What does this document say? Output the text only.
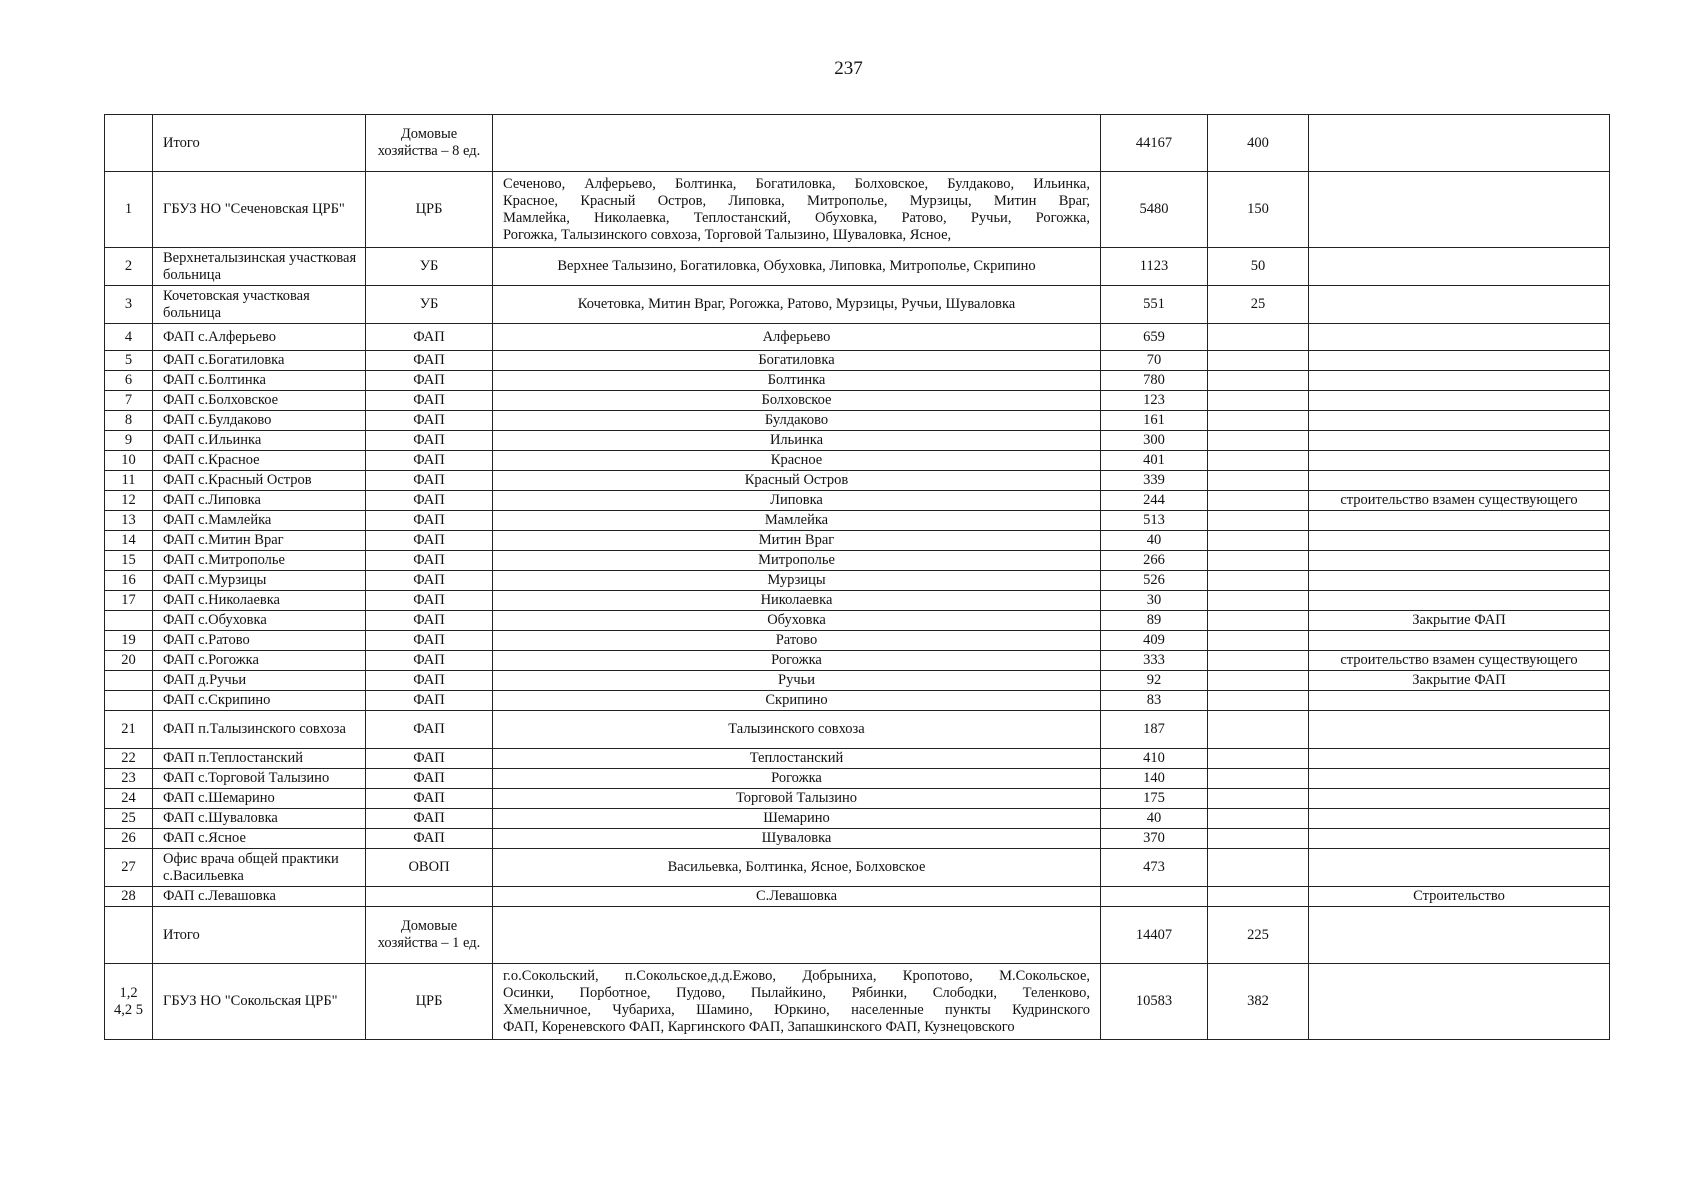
237
	Итого	Домовые хозяйства – 8 ед.		44167	400	
1	ГБУЗ НО "Сеченовская ЦРБ"	ЦРБ	Сеченово, Алферьево, Болтинка, Богатиловка, Болховское, Булдаково, Ильинка,
Красное, Красный Остров, Липовка, Митрополье, Мурзицы, Митин Враг,
Мамлейка, Николаевка, Теплостанский, Обуховка, Ратово, Ручьи, Рогожка,
Рогожка, Талызинского совхоза, Торговой Талызино, Шуваловка, Ясное,	5480	150	
2	Верхнеталызинская участковая больница	УБ	Верхнее Талызино, Богатиловка, Обуховка, Липовка, Митрополье, Скрипино	1123	50	
3	Кочетовская участковая больница	УБ	Кочетовка, Митин Враг, Рогожка, Ратово, Мурзицы, Ручьи, Шуваловка	551	25	
4	ФАП с.Алферьево	ФАП	Алферьево	659		
5	ФАП с.Богатиловка	ФАП	Богатиловка	70		
6	ФАП с.Болтинка	ФАП	Болтинка	780		
7	ФАП с.Болховское	ФАП	Болховское	123		
8	ФАП с.Булдаково	ФАП	Булдаково	161		
9	ФАП с.Ильинка	ФАП	Ильинка	300		
10	ФАП с.Красное	ФАП	Красное	401		
11	ФАП с.Красный Остров	ФАП	Красный Остров	339		
12	ФАП с.Липовка	ФАП	Липовка	244		строительство взамен существующего
13	ФАП с.Мамлейка	ФАП	Мамлейка	513		
14	ФАП с.Митин Враг	ФАП	Митин Враг	40		
15	ФАП с.Митрополье	ФАП	Митрополье	266		
16	ФАП с.Мурзицы	ФАП	Мурзицы	526		
17	ФАП с.Николаевка	ФАП	Николаевка	30		
	ФАП с.Обуховка	ФАП	Обуховка	89		Закрытие ФАП
19	ФАП с.Ратово	ФАП	Ратово	409		
20	ФАП с.Рогожка	ФАП	Рогожка	333		строительство взамен существующего
	ФАП д.Ручьи	ФАП	Ручьи	92		Закрытие ФАП
	ФАП с.Скрипино	ФАП	Скрипино	83		
21	ФАП п.Талызинского совхоза	ФАП	Талызинского совхоза	187		
22	ФАП п.Теплостанский	ФАП	Теплостанский	410		
23	ФАП с.Торговой Талызино	ФАП	Рогожка	140		
24	ФАП с.Шемарино	ФАП	Торговой Талызино	175		
25	ФАП с.Шуваловка	ФАП	Шемарино	40		
26	ФАП с.Ясное	ФАП	Шуваловка	370		
27	Офис врача общей практики с.Васильевка	ОВОП	Васильевка, Болтинка, Ясное, Болховское	473		
28	ФАП с.Левашовка		С.Левашовка			Строительство
	Итого	Домовые хозяйства – 1 ед.		14407	225	
1,2 4,2 5	ГБУЗ НО "Сокольская ЦРБ"	ЦРБ	г.о.Сокольский, п.Сокольское,д.д.Ежово, Добрыниха, Кропотово, М.Сокольское,
Осинки, Порботное, Пудово, Пылайкино, Рябинки, Слободки, Теленково,
Хмельничное, Чубариха, Шамино, Юркино, населенные пункты Кудринского
ФАП, Кореневского ФАП, Каргинского ФАП, Запашкинского ФАП, Кузнецовского	10583	382	
